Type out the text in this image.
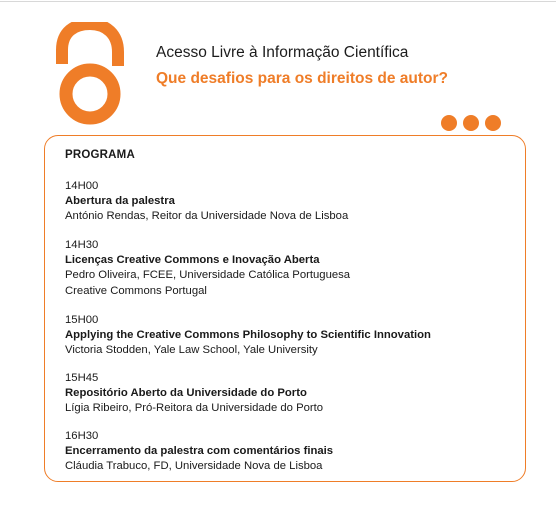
Acesso Livre à Informação Científica
Que desafios para os direitos de autor?
PROGRAMA
14H00
Abertura da palestra
António Rendas, Reitor da Universidade Nova de Lisboa
14H30
Licenças Creative Commons e Inovação Aberta
Pedro Oliveira, FCEE, Universidade Católica Portuguesa
Creative Commons Portugal
15H00
Applying the Creative Commons Philosophy to Scientific Innovation
Victoria Stodden, Yale Law School, Yale University
15H45
Repositório Aberto da Universidade do Porto
Lígia Ribeiro, Pró-Reitora da Universidade do Porto
16H30
Encerramento da palestra com comentários finais
Cláudia Trabuco, FD, Universidade Nova de Lisboa
